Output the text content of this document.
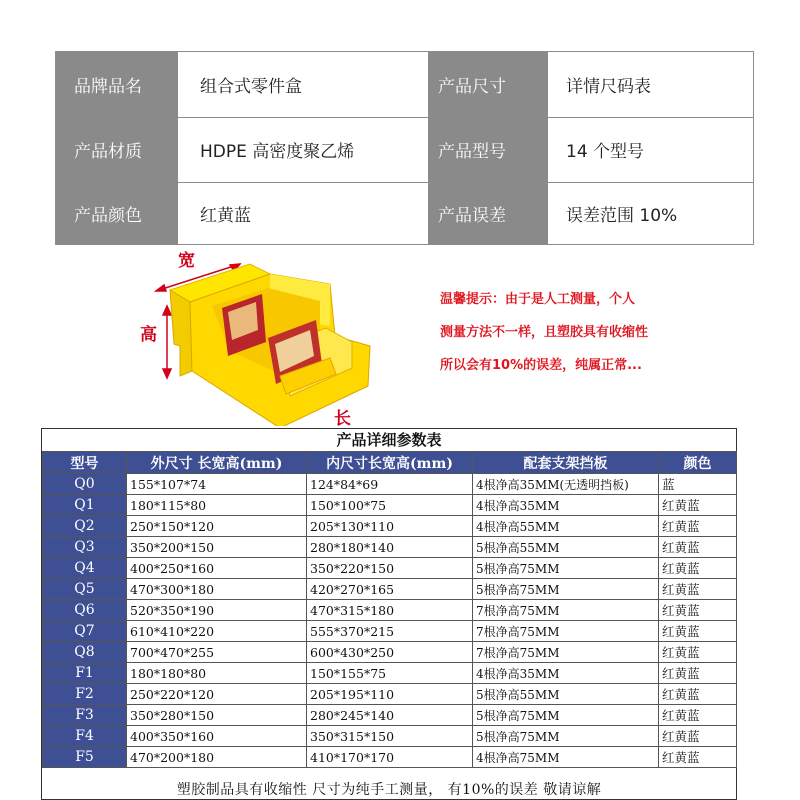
品牌品名	组合式零件盒	产品尺寸	详情尺码表
产品材质	HDPE 高密度聚乙烯	产品型号	14 个型号
产品颜色	红黄蓝	产品误差	误差范围 10%
宽
高
长
温馨提示：由于是人工测量，个人
测量方法不一样，且塑胶具有收缩性
所以会有10%的误差，纯属正常...
产品详细参数表
型号	外尺寸 长宽高(mm)	内尺寸长宽高(mm)	配套支架挡板	颜色
Q0	155*107*74	124*84*69	4根净高35MM(无透明挡板)	蓝
Q1	180*115*80	150*100*75	4根净高35MM	红黄蓝
Q2	250*150*120	205*130*110	4根净高55MM	红黄蓝
Q3	350*200*150	280*180*140	5根净高55MM	红黄蓝
Q4	400*250*160	350*220*150	5根净高75MM	红黄蓝
Q5	470*300*180	420*270*165	5根净高75MM	红黄蓝
Q6	520*350*190	470*315*180	7根净高75MM	红黄蓝
Q7	610*410*220	555*370*215	7根净高75MM	红黄蓝
Q8	700*470*255	600*430*250	7根净高75MM	红黄蓝
F1	180*180*80	150*155*75	4根净高35MM	红黄蓝
F2	250*220*120	205*195*110	5根净高55MM	红黄蓝
F3	350*280*150	280*245*140	5根净高75MM	红黄蓝
F4	400*350*160	350*315*150	5根净高75MM	红黄蓝
F5	470*200*180	410*170*170	4根净高75MM	红黄蓝
塑胶制品具有收缩性 尺寸为纯手工测量， 有10%的误差 敬请谅解
